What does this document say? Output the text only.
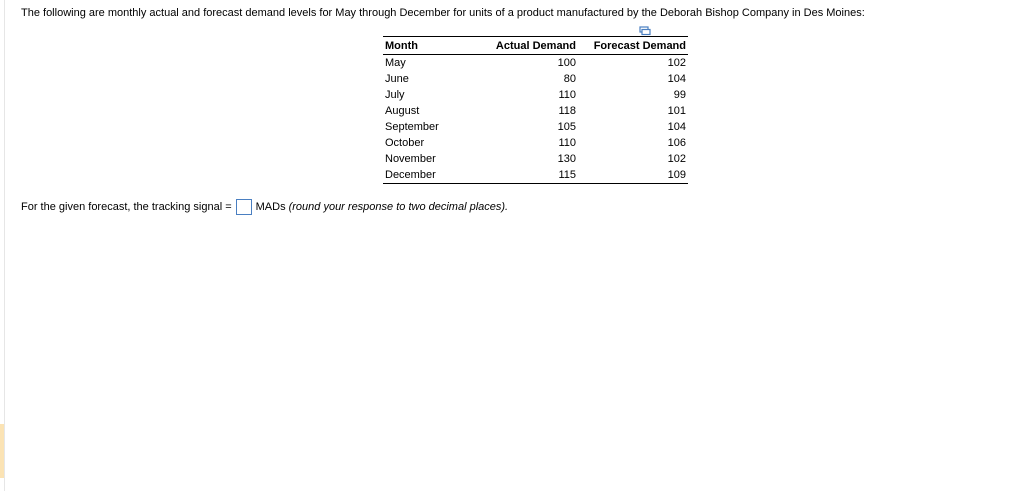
The following are monthly actual and forecast demand levels for May through December for units of a product manufactured by the Deborah Bishop Company in Des Moines:
Month	Actual Demand	Forecast Demand
May	100	102
June	80	104
July	110	99
August	118	101
September	105	104
October	110	106
November	130	102
December	115	109
For the given forecast, the tracking signal = MADs (round your response to two decimal places).
